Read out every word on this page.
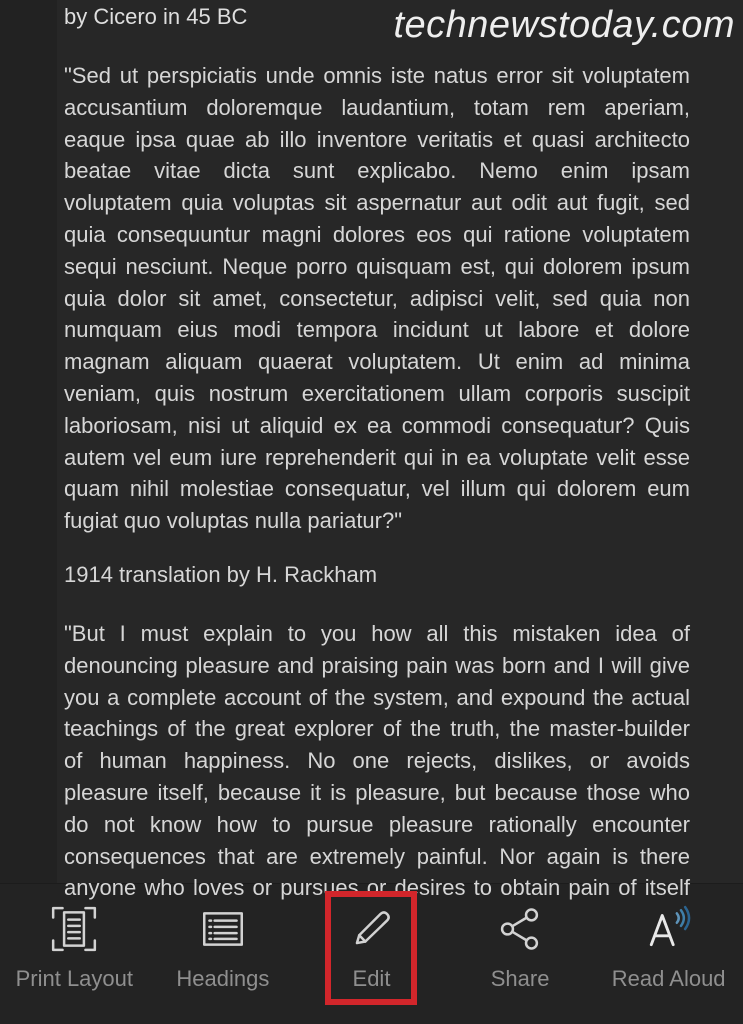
by Cicero in 45 BC	technewstoday.com
"Sed ut perspiciatis unde omnis iste natus error sit voluptatem
accusantium doloremque laudantium, totam rem aperiam,
eaque ipsa quae ab illo inventore veritatis et quasi architecto
beatae vitae dicta sunt explicabo. Nemo enim ipsam
voluptatem quia voluptas sit aspernatur aut odit aut fugit, sed
quia consequuntur magni dolores eos qui ratione voluptatem
sequi nesciunt. Neque porro quisquam est, qui dolorem ipsum
quia dolor sit amet, consectetur, adipisci velit, sed quia non
numquam eius modi tempora incidunt ut labore et dolore
magnam aliquam quaerat voluptatem. Ut enim ad minima
veniam, quis nostrum exercitationem ullam corporis suscipit
laboriosam, nisi ut aliquid ex ea commodi consequatur? Quis
autem vel eum iure reprehenderit qui in ea voluptate velit esse
quam nihil molestiae consequatur, vel illum qui dolorem eum
fugiat quo voluptas nulla pariatur?"
1914 translation by H. Rackham
"But I must explain to you how all this mistaken idea of
denouncing pleasure and praising pain was born and I will give
you a complete account of the system, and expound the actual
teachings of the great explorer of the truth, the master-builder
of human happiness. No one rejects, dislikes, or avoids
pleasure itself, because it is pleasure, but because those who
do not know how to pursue pleasure rationally encounter
consequences that are extremely painful. Nor again is there
anyone who loves or pursues or desires to obtain pain of itself
Print Layout Headings	Edit	Share	Read Aloud
